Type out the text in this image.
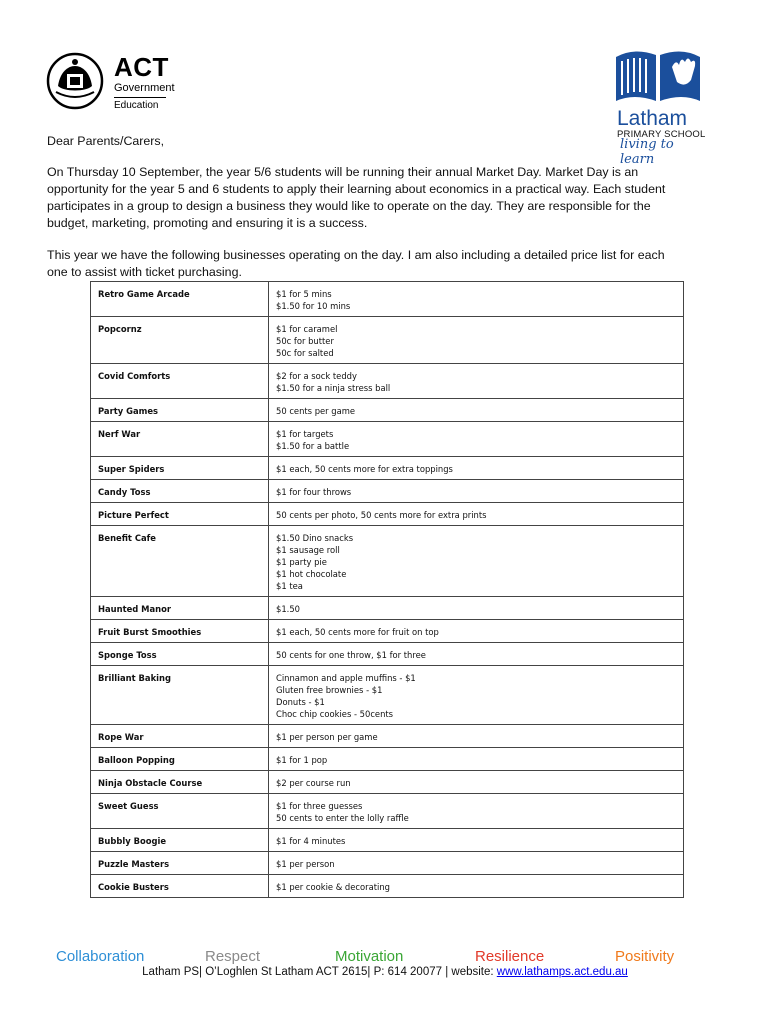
ACT
Government
Education
Latham
PRIMARY SCHOOL
living to learn
Dear Parents/Carers,
On Thursday 10 September, the year 5/6 students will be running their annual Market Day. Market Day is an opportunity for the year 5 and 6 students to apply their learning about economics in a practical way. Each student participates in a group to design a business they would like to operate on the day. They are responsible for the budget, marketing, promoting and ensuring it is a success.
This year we have the following businesses operating on the day. I am also including a detailed price list for each one to assist with ticket purchasing.
Retro Game Arcade	$1 for 5 mins
$1.50 for 10 mins
Popcornz	$1 for caramel
50c for butter
50c for salted
Covid Comforts	$2 for a sock teddy
$1.50 for a ninja stress ball
Party Games	50 cents per game
Nerf War	$1 for targets
$1.50 for a battle
Super Spiders	$1 each, 50 cents more for extra toppings
Candy Toss	$1 for four throws
Picture Perfect	50 cents per photo, 50 cents more for extra prints
Benefit Cafe	$1.50 Dino snacks
$1 sausage roll
$1 party pie
$1 hot chocolate
$1 tea
Haunted Manor	$1.50
Fruit Burst Smoothies	$1 each, 50 cents more for fruit on top
Sponge Toss	50 cents for one throw, $1 for three
Brilliant Baking	Cinnamon and apple muffins - $1
Gluten free brownies - $1
Donuts - $1
Choc chip cookies - 50cents
Rope War	$1 per person per game
Balloon Popping	$1 for 1 pop
Ninja Obstacle Course	$2 per course run
Sweet Guess	$1 for three guesses
50 cents to enter the lolly raffle
Bubbly Boogie	$1 for 4 minutes
Puzzle Masters	$1 per person
Cookie Busters	$1 per cookie & decorating
Collaboration	Respect	Motivation	Resilience	Positivity
Latham PS| O’Loghlen St Latham ACT 2615| P: 614 20077 | website: www.lathamps.act.edu.au
